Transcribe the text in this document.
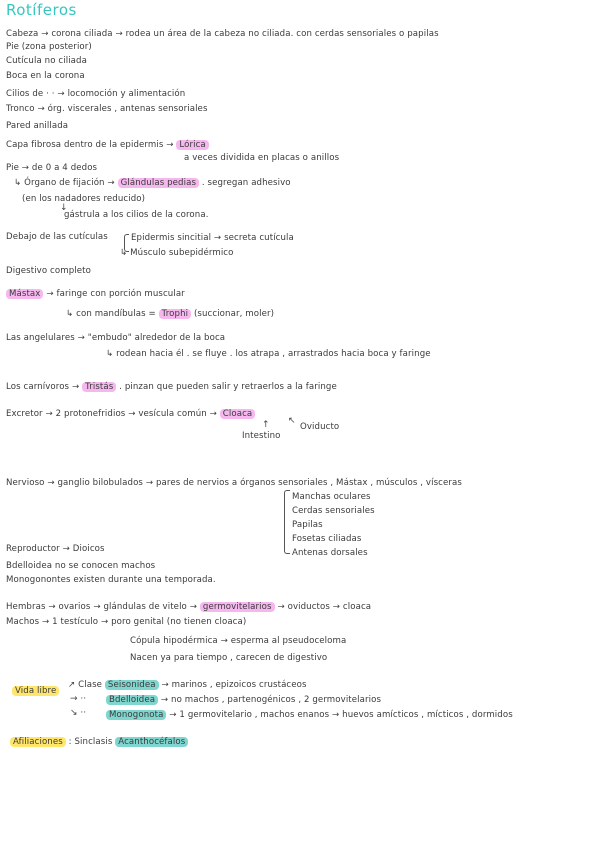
Rotíferos
Cabeza → corona ciliada → rodea un área de la cabeza no ciliada. con cerdas sensoriales o papilas
Pie (zona posterior)
Cutícula no ciliada
Boca en la corona
Cilios de · · → locomoción y alimentación
Tronco → órg. viscerales , antenas sensoriales
Pared anillada
Capa fibrosa dentro de la epidermis → Lórica
a veces dividida en placas o anillos
Pie → de 0 a 4 dedos
↳ Órgano de fijación → Glándulas pedias . segregan adhesivo
(en los nadadores reducido)
↓
gástrula a los cilios de la corona.
Debajo de las cutículas	Epidermis sincitial → secreta cutícula
↳ Músculo subepidérmico
Digestivo completo
Mástax → faringe con porción muscular
↳ con mandíbulas = Trophi (succionar, moler)
Las angelulares → "embudo" alrededor de la boca
↳ rodean hacia él . se fluye . los atrapa , arrastrados hacia boca y faringe
Los carnívoros → Tristás . pinzan que pueden salir y retraerlos a la faringe
Excretor → 2 protonefridios → vesícula común → Cloaca
↖
Oviducto
↑
Intestino
Nervioso → ganglio bilobulados → pares de nervios a órganos sensoriales , Mástax , músculos , vísceras
Manchas oculares
Cerdas sensoriales
Papilas
Fosetas ciliadas
Antenas dorsales
Reproductor → Dioicos
Bdelloidea no se conocen machos
Monogonontes existen durante una temporada.
Hembras → ovarios → glándulas de vitelo → germovitelarios → oviductos → cloaca
Machos → 1 testículo → poro genital (no tienen cloaca)
Cópula hipodérmica → esperma al pseudoceloma
Nacen ya para tiempo , carecen de digestivo
Vida libre
↗ Clase Seisonidea → marinos , epizoicos crustáceos
→ ··	Bdelloidea → no machos , partenogénicos , 2 germovitelarios
↘ ··	Monogonota → 1 germovitelario , machos enanos → huevos amícticos , mícticos , dormidos
Afiliaciones : Sinclasis Acanthocéfalos
